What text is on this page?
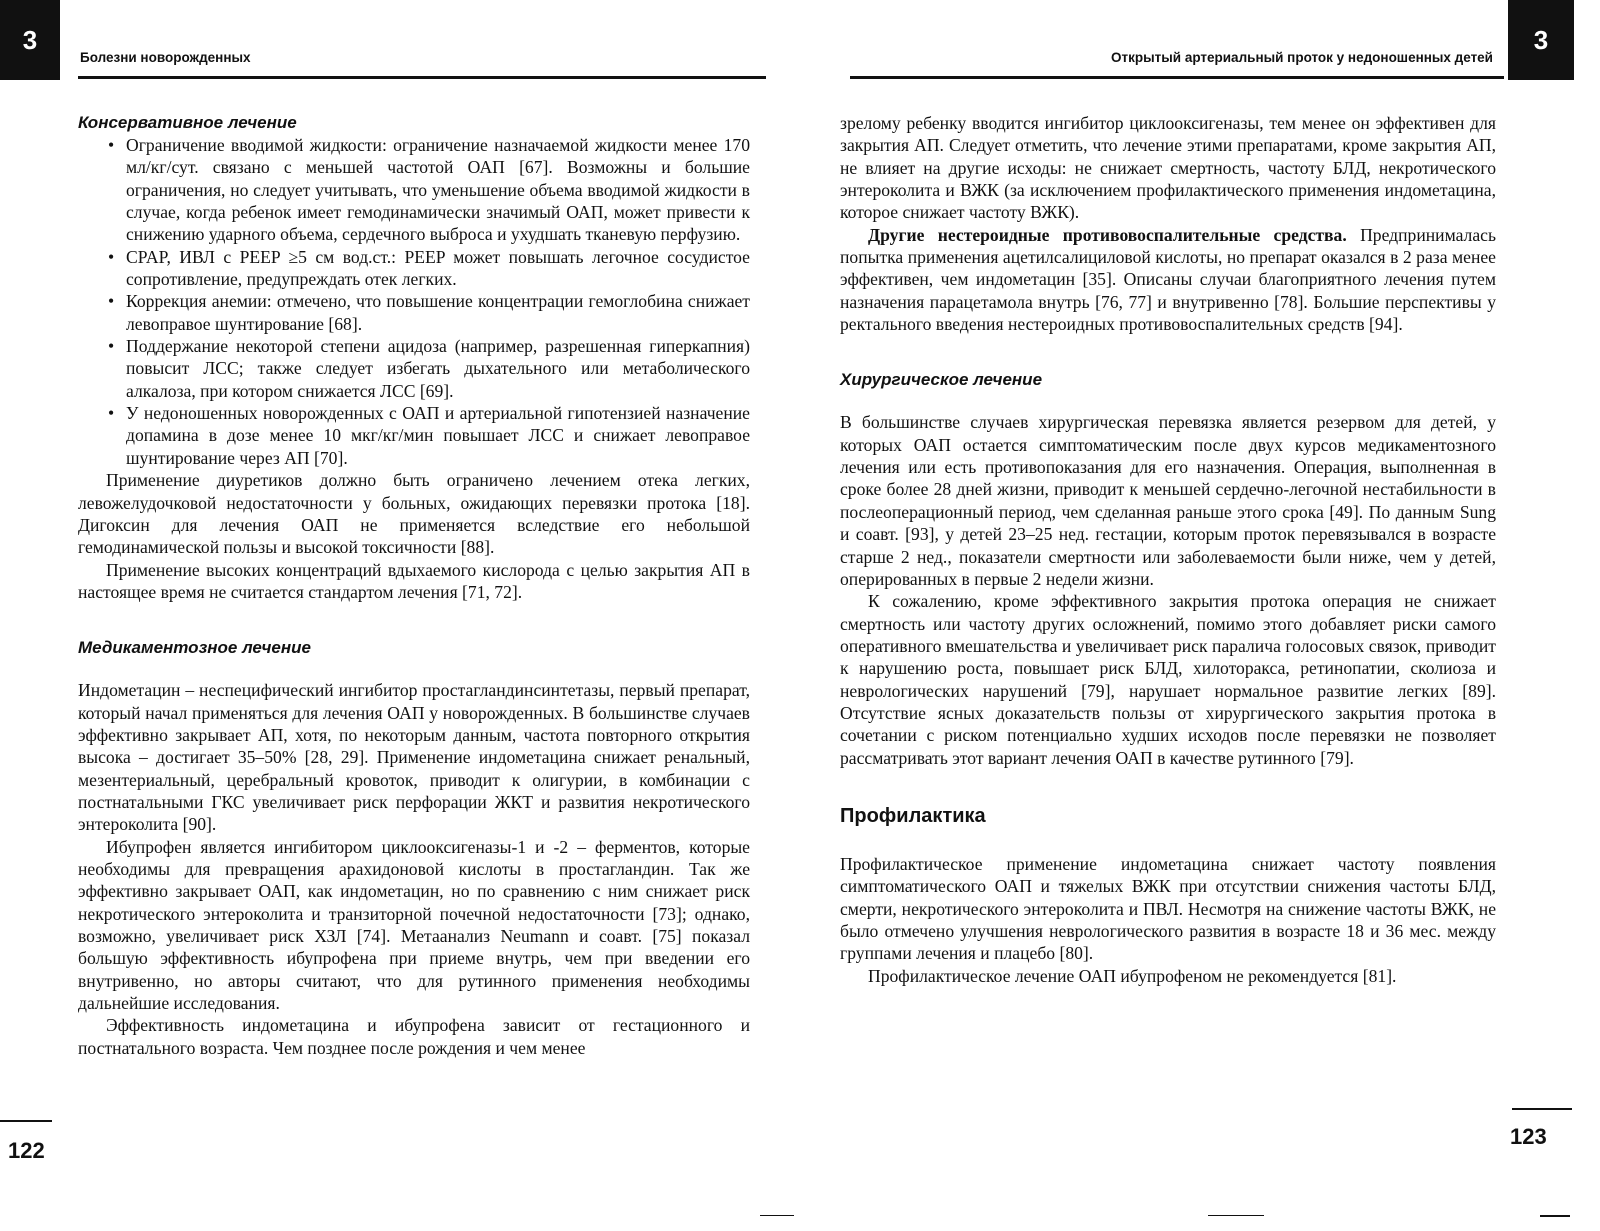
3
Болезни новорожденных	Открытый артериальный проток у недоношенных детей
3
Консервативное лечение
• Ограничение вводимой жидкости: ограничение назначаемой жидкости менее 170 мл/кг/сут. связано с меньшей частотой ОАП [67]. Возможны и большие ограничения, но следует учитывать, что уменьшение объема вводимой жидкости в случае, когда ребенок имеет гемодинамически значимый ОАП, может привести к снижению ударного объема, сердечного выброса и ухудшать тканевую перфузию.
• CPAP, ИВЛ с PEEP ≥5 см вод.ст.: PEEP может повышать легочное сосудистое сопротивление, предупреждать отек легких.
• Коррекция анемии: отмечено, что повышение концентрации гемоглобина снижает левоправое шунтирование [68].
• Поддержание некоторой степени ацидоза (например, разрешенная гиперкапния) повысит ЛСС; также следует избегать дыхательного или метаболического алкалоза, при котором снижается ЛСС [69].
• У недоношенных новорожденных с ОАП и артериальной гипотензией назначение допамина в дозе менее 10 мкг/кг/мин повышает ЛСС и снижает левоправое шунтирование через АП [70].

Применение диуретиков должно быть ограничено лечением отека легких, левожелудочковой недостаточности у больных, ожидающих перевязки протока [18]. Дигоксин для лечения ОАП не применяется вследствие его небольшой гемодинамической пользы и высокой токсичности [88].

Применение высоких концентраций вдыхаемого кислорода с целью закрытия АП в настоящее время не считается стандартом лечения [71, 72].

Медикаментозное лечение

Индометацин – неспецифический ингибитор простагландинсинтетазы, первый препарат, который начал применяться для лечения ОАП у новорожденных. В большинстве случаев эффективно закрывает АП, хотя, по некоторым данным, частота повторного открытия высока – достигает 35–50% [28, 29]. Применение индометацина снижает ренальный, мезентериальный, церебральный кровоток, приводит к олигурии, в комбинации с постнатальными ГКС увеличивает риск перфорации ЖКТ и развития некротического энтероколита [90].

Ибупрофен является ингибитором циклооксигеназы-1 и -2 – ферментов, которые необходимы для превращения арахидоновой кислоты в простагландин. Так же эффективно закрывает ОАП, как индометацин, но по сравнению с ним снижает риск некротического энтероколита и транзиторной почечной недостаточности [73]; однако, возможно, увеличивает риск ХЗЛ [74]. Метаанализ Neumann и соавт. [75] показал большую эффективность ибупрофена при приеме внутрь, чем при введении его внутривенно, но авторы считают, что для рутинного применения необходимы дальнейшие исследования.

Эффективность индометацина и ибупрофена зависит от гестационного и постнатального возраста. Чем позднее после рождения и чем менее

зрелому ребенку вводится ингибитор циклооксигеназы, тем менее он эффективен для закрытия АП. Следует отметить, что лечение этими препаратами, кроме закрытия АП, не влияет на другие исходы: не снижает смертность, частоту БЛД, некротического энтероколита и ВЖК (за исключением профилактического применения индометацина, которое снижает частоту ВЖК).

Другие нестероидные противовоспалительные средства. Предпринималась попытка применения ацетилсалициловой кислоты, но препарат оказался в 2 раза менее эффективен, чем индометацин [35]. Описаны случаи благоприятного лечения путем назначения парацетамола внутрь [76, 77] и внутривенно [78]. Большие перспективы у ректального введения нестероидных противовоспалительных средств [94].

Хирургическое лечение

В большинстве случаев хирургическая перевязка является резервом для детей, у которых ОАП остается симптоматическим после двух курсов медикаментозного лечения или есть противопоказания для его назначения. Операция, выполненная в сроке более 28 дней жизни, приводит к меньшей сердечно-легочной нестабильности в послеоперационный период, чем сделанная раньше этого срока [49]. По данным Sung и соавт. [93], у детей 23–25 нед. гестации, которым проток перевязывался в возрасте старше 2 нед., показатели смертности или заболеваемости были ниже, чем у детей, оперированных в первые 2 недели жизни.

К сожалению, кроме эффективного закрытия протока операция не снижает смертность или частоту других осложнений, помимо этого добавляет риски самого оперативного вмешательства и увеличивает риск паралича голосовых связок, приводит к нарушению роста, повышает риск БЛД, хилоторакса, ретинопатии, сколиоза и неврологических нарушений [79], нарушает нормальное развитие легких [89]. Отсутствие ясных доказательств пользы от хирургического закрытия протока в сочетании с риском потенциально худших исходов после перевязки не позволяет рассматривать этот вариант лечения ОАП в качестве рутинного [79].

Профилактика

Профилактическое применение индометацина снижает частоту появления симптоматического ОАП и тяжелых ВЖК при отсутствии снижения частоты БЛД, смерти, некротического энтероколита и ПВЛ. Несмотря на снижение частоты ВЖК, не было отмечено улучшения неврологического развития в возрасте 18 и 36 мес. между группами лечения и плацебо [80].

Профилактическое лечение ОАП ибупрофеном не рекомендуется [81].

122
123
